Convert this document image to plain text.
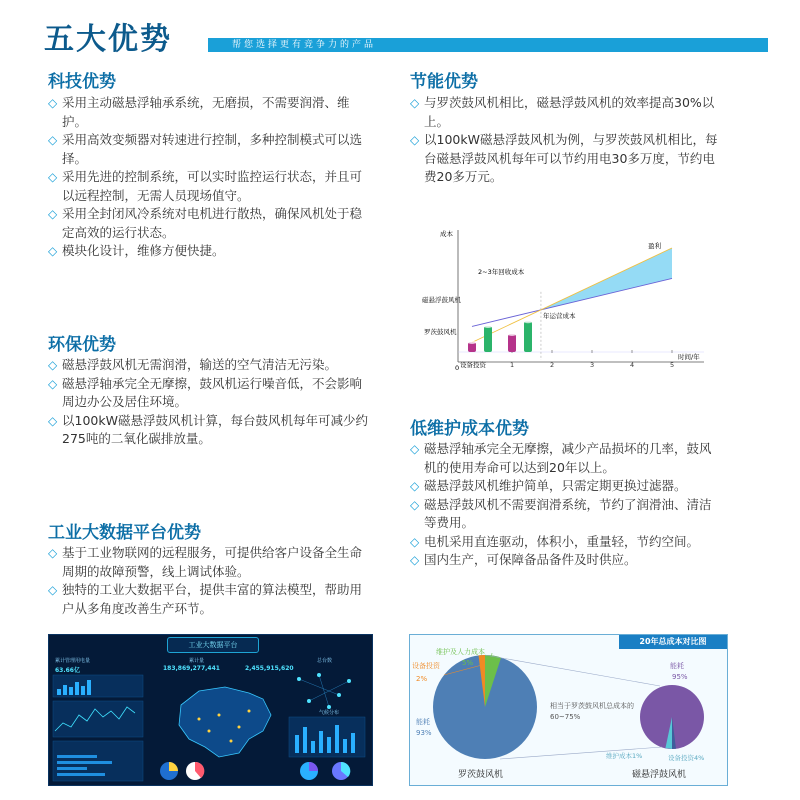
五大优势	帮您选择更有竞争力的产品
科技优势

◇ 采用主动磁悬浮轴承系统，无磨损，不需要润滑、维护。

◇ 采用高效变频器对转速进行控制，多种控制模式可以选择。

◇ 采用先进的控制系统，可以实时监控运行状态，并且可以远程控制，无需人员现场值守。

◇ 采用全封闭风冷系统对电机进行散热，确保风机处于稳定高效的运行状态。

◇ 模块化设计，维修方便快捷。

节能优势

◇ 与罗茨鼓风机相比，磁悬浮鼓风机的效率提高30%以上。

◇ 以100kW磁悬浮鼓风机为例，与罗茨鼓风机相比，每台磁悬浮鼓风机每年可以节约用电30多万度，节约电费20多万元。

1	2	3	4	5
成本
时间/年
0
2~3年回收成本
年运营成本
盈利
磁悬浮鼓风机
罗茨鼓风机
设备投资
环保优势

◇ 磁悬浮鼓风机无需润滑，输送的空气清洁无污染。

◇ 磁悬浮轴承完全无摩擦，鼓风机运行噪音低，不会影响周边办公及居住环境。

◇ 以100kW磁悬浮鼓风机计算，每台鼓风机每年可减少约275吨的二氧化碳排放量。	低维护成本优势

◇ 磁悬浮轴承完全无摩擦，减少产品损坏的几率，鼓风机的使用寿命可以达到20年以上。

◇ 磁悬浮鼓风机维护简单，只需定期更换过滤器。

◇ 磁悬浮鼓风机不需要润滑系统，节约了润滑油、清洁等费用。

◇ 电机采用直连驱动，体积小，重量轻，节约空间。

◇ 国内生产，可保障备品备件及时供应。

工业大数据平台优势

◇ 基于工业物联网的远程服务，可提供给客户设备全生命周期的故障预警，线上调试体验。

◇ 独特的工业大数据平台，提供丰富的算法模型，帮助用户从多角度改善生产环节。

工业大数据平台
累计管理用电量
63.66亿
累计量
183,869,277,441	2,455,915,620
总台数
气候分布
20年总成本对比图
维护及人力成本
5%
设备投资
2%
能耗
93%
罗茨鼓风机
相当于罗茨鼓风机总成本的60~75%
能耗
95%
维护成本1%	设备投资4%
磁悬浮鼓风机
